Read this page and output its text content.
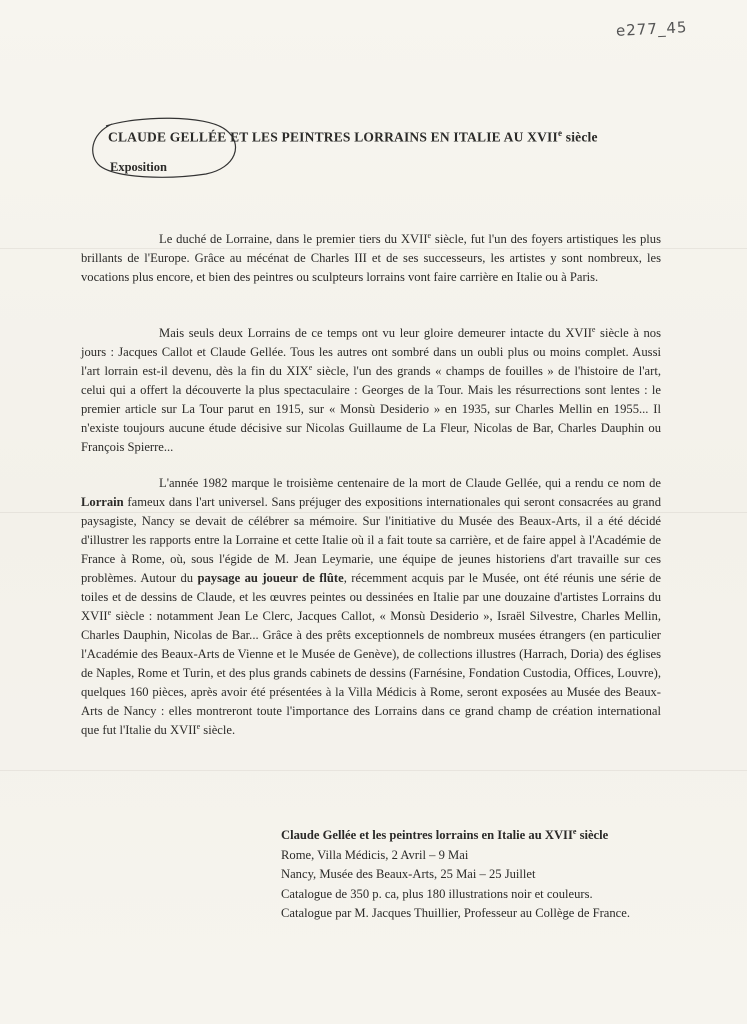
e277_45
CLAUDE GELLÉE ET LES PEINTRES LORRAINS EN ITALIE AU XVIIe siècle
Exposition

Le duché de Lorraine, dans le premier tiers du XVIIe siècle, fut l'un des foyers artistiques les plus brillants de l'Europe. Grâce au mécénat de Charles III et de ses successeurs, les artistes y sont nombreux, les vocations plus encore, et bien des peintres ou sculpteurs lorrains vont faire carrière en Italie ou à Paris.

Mais seuls deux Lorrains de ce temps ont vu leur gloire demeurer intacte du XVIIe siècle à nos jours : Jacques Callot et Claude Gellée. Tous les autres ont sombré dans un oubli plus ou moins complet. Aussi l'art lorrain est-il devenu, dès la fin du XIXe siècle, l'un des grands « champs de fouilles » de l'histoire de l'art, celui qui a offert la découverte la plus spectaculaire : Georges de la Tour. Mais les résurrections sont lentes : le premier article sur La Tour parut en 1915, sur « Monsù Desiderio » en 1935, sur Charles Mellin en 1955... Il n'existe toujours aucune étude décisive sur Nicolas Guillaume de La Fleur, Nicolas de Bar, Charles Dauphin ou François Spierre...

L'année 1982 marque le troisième centenaire de la mort de Claude Gellée, qui a rendu ce nom de Lorrain fameux dans l'art universel. Sans préjuger des expositions internationales qui seront consacrées au grand paysagiste, Nancy se devait de célébrer sa mémoire. Sur l'initiative du Musée des Beaux-Arts, il a été décidé d'illustrer les rapports entre la Lorraine et cette Italie où il a fait toute sa carrière, et de faire appel à l'Académie de France à Rome, où, sous l'égide de M. Jean Leymarie, une équipe de jeunes historiens d'art travaille sur ces problèmes. Autour du paysage au joueur de flûte, récemment acquis par le Musée, ont été réunis une série de toiles et de dessins de Claude, et les œuvres peintes ou dessinées en Italie par une douzaine d'artistes Lorrains du XVIIe siècle : notamment Jean Le Clerc, Jacques Callot, « Monsù Desiderio », Israël Silvestre, Charles Mellin, Charles Dauphin, Nicolas de Bar... Grâce à des prêts exceptionnels de nombreux musées étrangers (en particulier l'Académie des Beaux-Arts de Vienne et le Musée de Genève), de collections illustres (Harrach, Doria) des églises de Naples, Rome et Turin, et des plus grands cabinets de dessins (Farnésine, Fondation Custodia, Offices, Louvre), quelques 160 pièces, après avoir été présentées à la Villa Médicis à Rome, seront exposées au Musée des Beaux-Arts de Nancy : elles montreront toute l'importance des Lorrains dans ce grand champ de création international que fut l'Italie du XVIIe siècle.

Claude Gellée et les peintres lorrains en Italie au XVIIe siècle
Rome, Villa Médicis, 2 Avril – 9 Mai
Nancy, Musée des Beaux-Arts, 25 Mai – 25 Juillet
Catalogue de 350 p. ca, plus 180 illustrations noir et couleurs.
Catalogue par M. Jacques Thuillier, Professeur au Collège de France.
